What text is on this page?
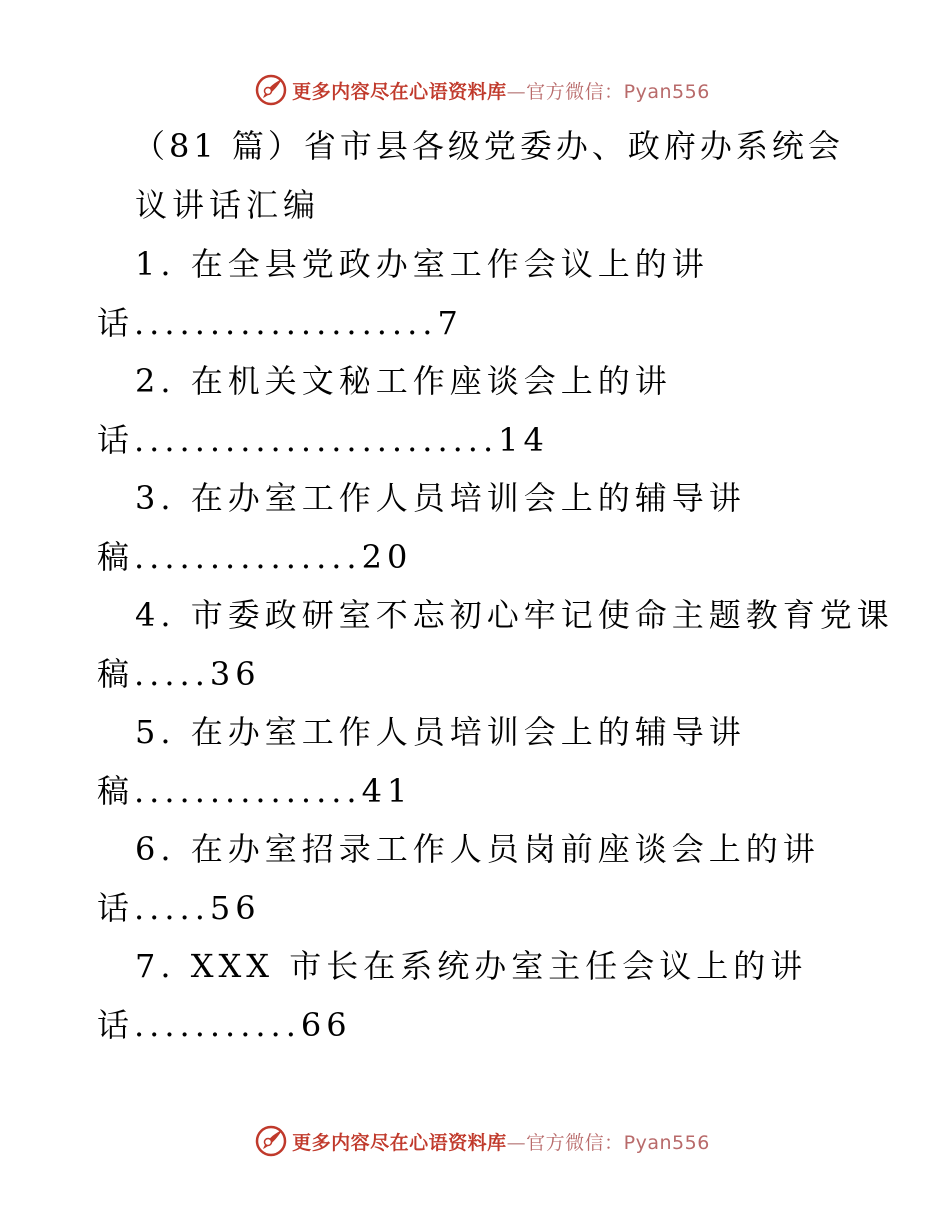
更多内容尽在心语资料库—官方微信：Pyan556
（81 篇）省市县各级党委办、政府办系统会
议讲话汇编
1. 在全县党政办室工作会议上的讲
话....................7
2. 在机关文秘工作座谈会上的讲
话........................14
3. 在办室工作人员培训会上的辅导讲
稿...............20
4. 市委政研室不忘初心牢记使命主题教育党课
稿.....36
5. 在办室工作人员培训会上的辅导讲
稿...............41
6. 在办室招录工作人员岗前座谈会上的讲
话.....56
7. XXX 市长在系统办室主任会议上的讲
话...........66
更多内容尽在心语资料库—官方微信：Pyan556
